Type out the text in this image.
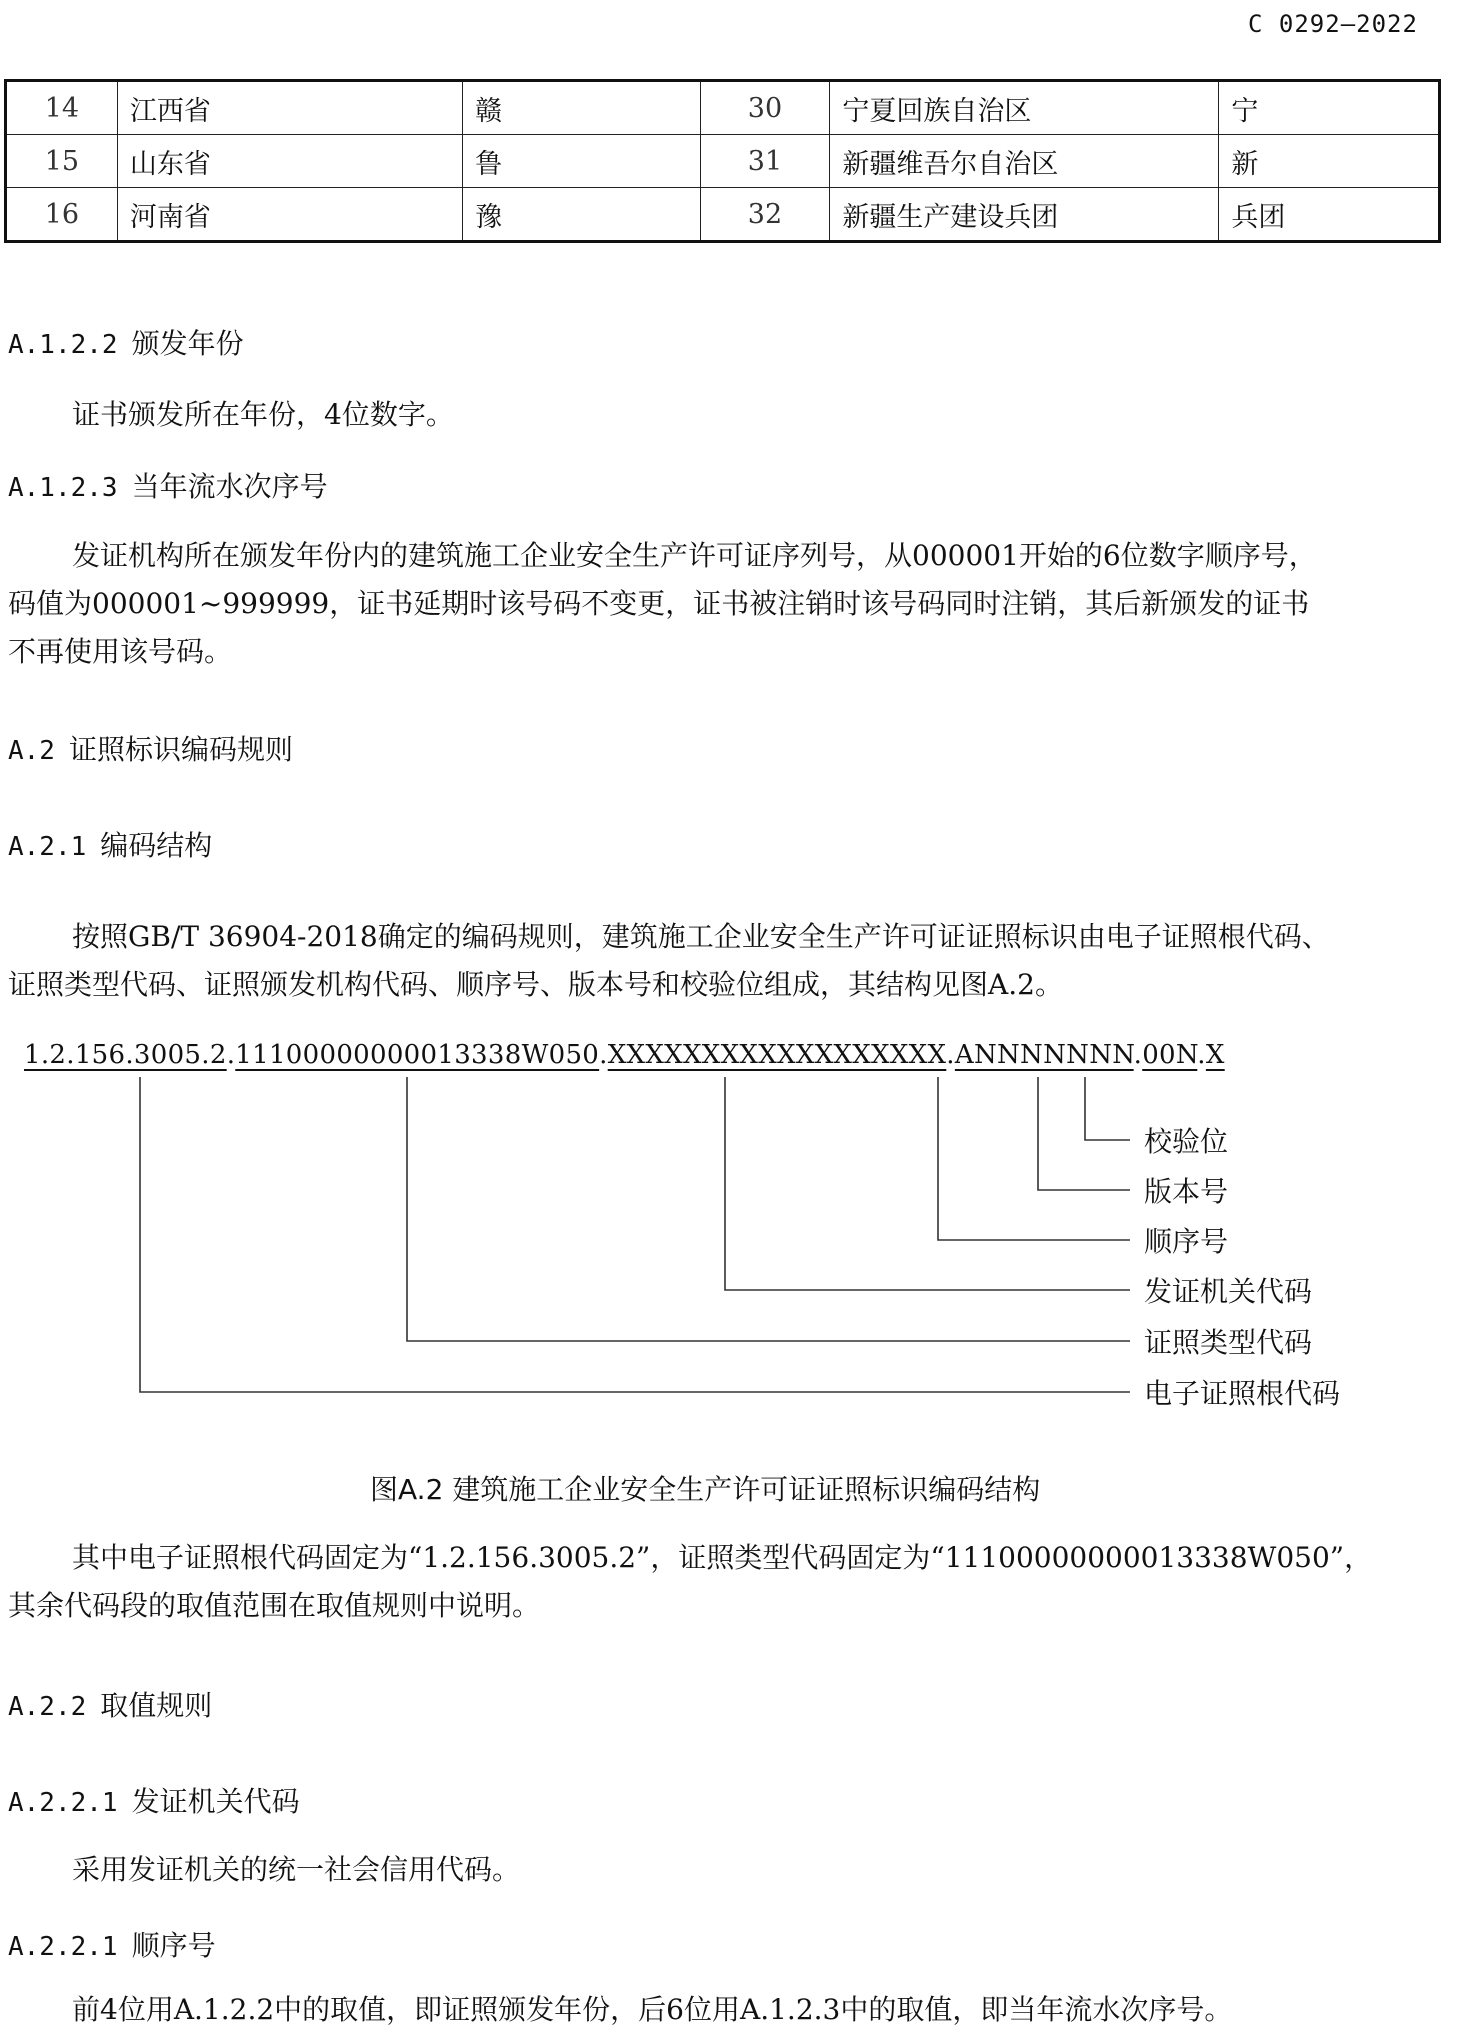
C 0292—2022
14	江西省	赣	30	宁夏回族自治区	宁
15	山东省	鲁	31	新疆维吾尔自治区	新
16	河南省	豫	32	新疆生产建设兵团	兵团
A.1.2.2 颁发年份
证书颁发所在年份，4位数字。
A.1.2.3 当年流水次序号
发证机构所在颁发年份内的建筑施工企业安全生产许可证序列号，从000001开始的6位数字顺序号，
码值为000001~999999，证书延期时该号码不变更，证书被注销时该号码同时注销，其后新颁发的证书
不再使用该号码。
A.2 证照标识编码规则
A.2.1 编码结构
按照GB/T 36904-2018确定的编码规则，建筑施工企业安全生产许可证证照标识由电子证照根代码、
证照类型代码、证照颁发机构代码、顺序号、版本号和校验位组成，其结构见图A.2。
1.2.156.3005.2.11100000000013338W050.XXXXXXXXXXXXXXXXXX.ANNNNNNN.00N.X
校验位
版本号
顺序号
发证机关代码
证照类型代码
电子证照根代码
图A.2 建筑施工企业安全生产许可证证照标识编码结构
其中电子证照根代码固定为“1.2.156.3005.2”，证照类型代码固定为“11100000000013338W050”，
其余代码段的取值范围在取值规则中说明。
A.2.2 取值规则
A.2.2.1 发证机关代码
采用发证机关的统一社会信用代码。
A.2.2.1 顺序号
前4位用A.1.2.2中的取值，即证照颁发年份，后6位用A.1.2.3中的取值，即当年流水次序号。
